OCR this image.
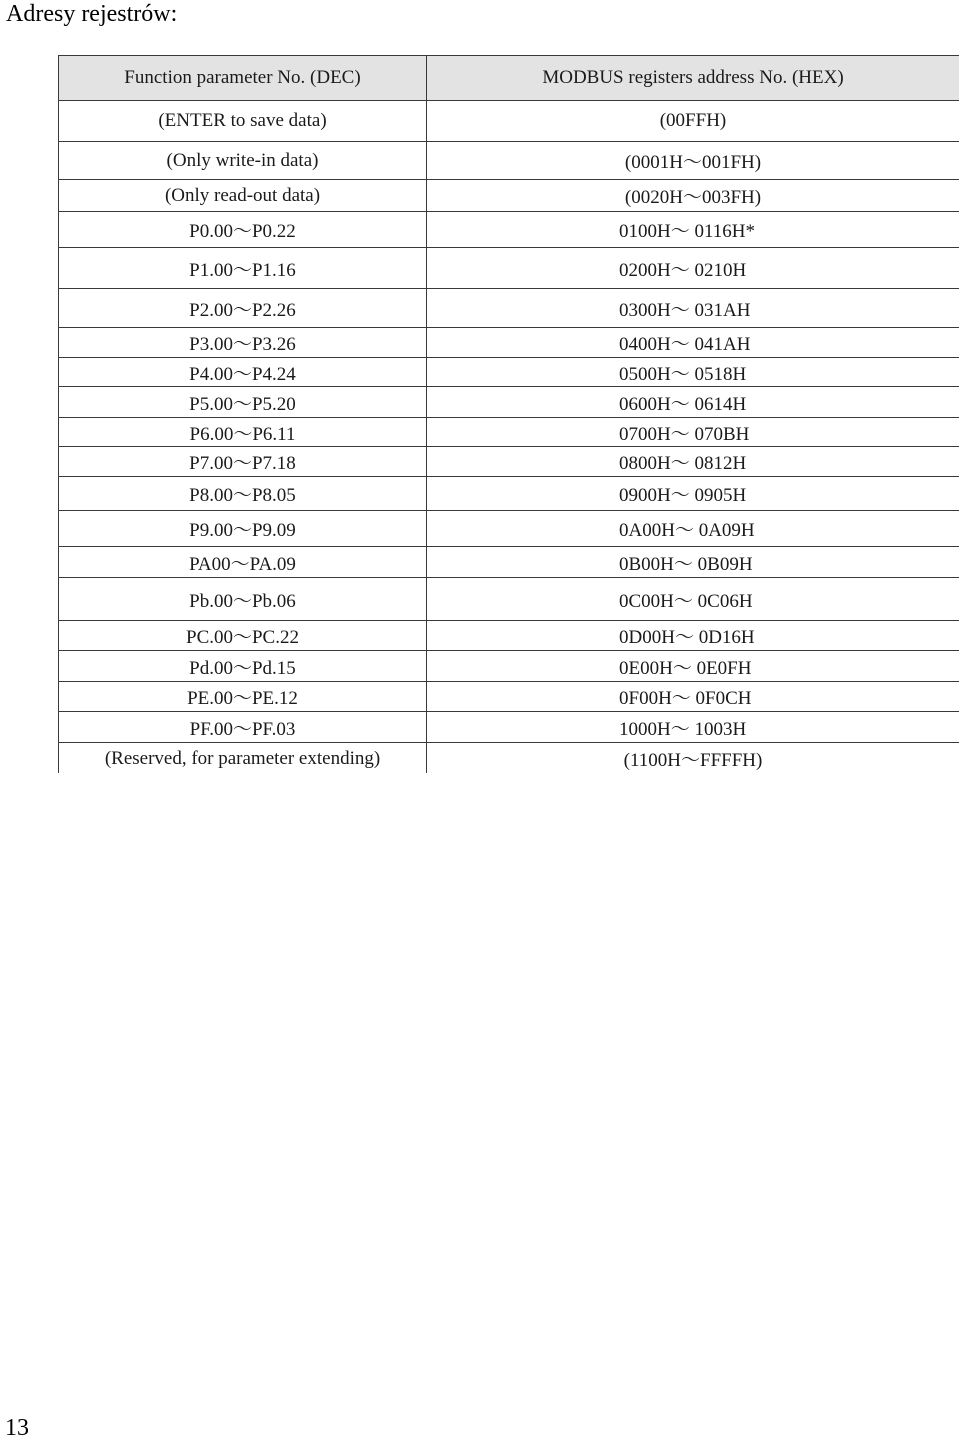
Adresy rejestrów:
Function parameter No. (DEC)	MODBUS registers address No. (HEX)
(ENTER to save data)	(00FFH)
(Only write-in data)	(0001H～001FH)
(Only read-out data)	(0020H～003FH)
P0.00～P0.22	0100H～ 0116H*
P1.00～P1.16	0200H～ 0210H
P2.00～P2.26	0300H～ 031AH
P3.00～P3.26	0400H～ 041AH
P4.00～P4.24	0500H～ 0518H
P5.00～P5.20	0600H～ 0614H
P6.00～P6.11	0700H～ 070BH
P7.00～P7.18	0800H～ 0812H
P8.00～P8.05	0900H～ 0905H
P9.00～P9.09	0A00H～ 0A09H
PA00～PA.09	0B00H～ 0B09H
Pb.00～Pb.06	0C00H～ 0C06H
PC.00～PC.22	0D00H～ 0D16H
Pd.00～Pd.15	0E00H～ 0E0FH
PE.00～PE.12	0F00H～ 0F0CH
PF.00～PF.03	1000H～ 1003H
(Reserved, for parameter extending)	(1100H～FFFFH)
13
